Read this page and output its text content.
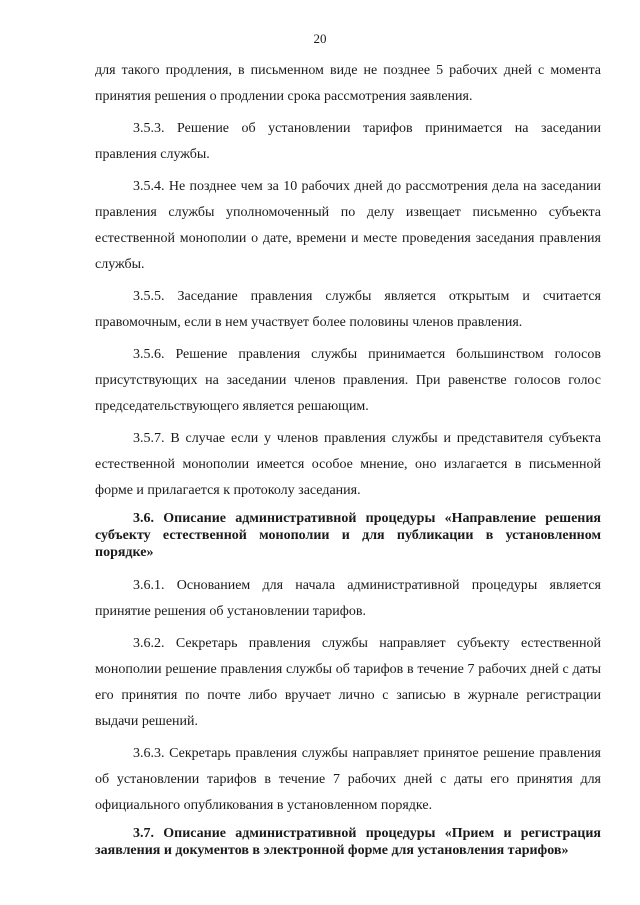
20

для такого продления, в письменном виде не позднее 5 рабочих дней с момента принятия решения о продлении срока рассмотрения заявления.

3.5.3. Решение об установлении тарифов принимается на заседании правления службы.

3.5.4. Не позднее чем за 10 рабочих дней до рассмотрения дела на заседании правления службы уполномоченный по делу извещает письменно субъекта естественной монополии о дате, времени и месте проведения заседания правления службы.

3.5.5. Заседание правления службы является открытым и считается правомочным, если в нем участвует более половины членов правления.

3.5.6. Решение правления службы принимается большинством голосов присутствующих на заседании членов правления. При равенстве голосов голос председательствующего является решающим.

3.5.7. В случае если у членов правления службы и представителя субъекта естественной монополии имеется особое мнение, оно излагается в письменной форме и прилагается к протоколу заседания.

3.6. Описание административной процедуры «Направление решения субъекту естественной монополии и для публикации в установленном порядке»

3.6.1. Основанием для начала административной процедуры является принятие решения об установлении тарифов.

3.6.2. Секретарь правления службы направляет субъекту естественной монополии решение правления службы об тарифов в течение 7 рабочих дней с даты его принятия по почте либо вручает лично с записью в журнале регистрации выдачи решений.

3.6.3. Секретарь правления службы направляет принятое решение правления об установлении тарифов в течение 7 рабочих дней с даты его принятия для официального опубликования в установленном порядке.

3.7. Описание административной процедуры «Прием и регистрация заявления и документов в электронной форме для установления тарифов»
